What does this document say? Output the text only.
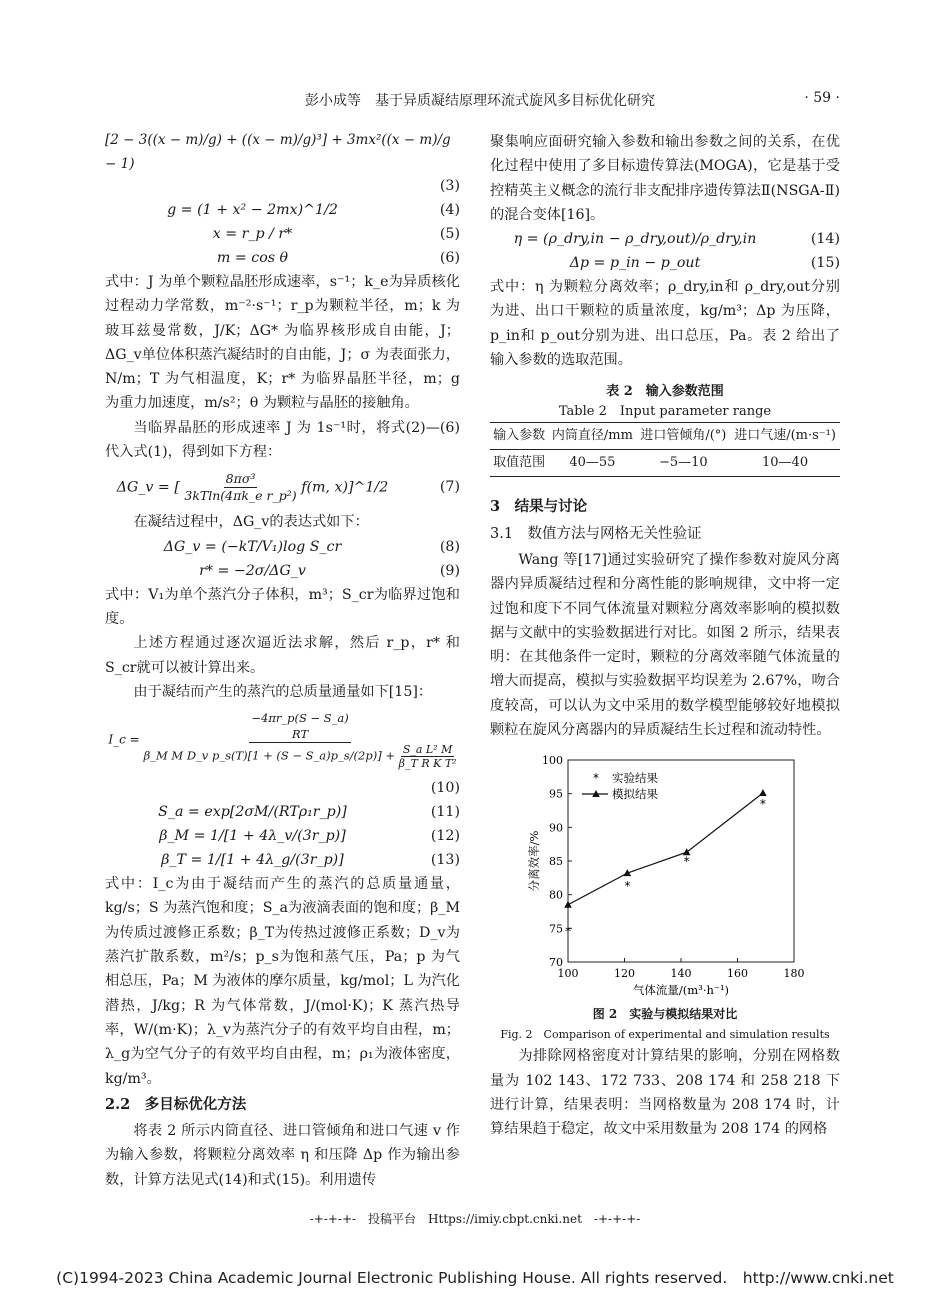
彭小成等　基于异质凝结原理环流式旋风多目标优化研究	· 59 ·
[2 − 3((x − m)/g) + ((x − m)/g)³] + 3mx²((x − m)/g − 1)
(3)
g = (1 + x² − 2mx)^1/2	(4)
x = r_p / r*	(5)
m = cos θ	(6)

式中：J 为单个颗粒晶胚形成速率，s⁻¹；k_e为异质核化过程动力学常数，m⁻²·s⁻¹；r_p为颗粒半径，m；k 为玻耳兹曼常数，J/K；ΔG* 为临界核形成自由能，J；ΔG_v单位体积蒸汽凝结时的自由能，J；σ 为表面张力，N/m；T 为气相温度，K；r* 为临界晶胚半径，m；g 为重力加速度，m/s²；θ 为颗粒与晶胚的接触角。

当临界晶胚的形成速率 J 为 1s⁻¹时，将式(2)—(6)代入式(1)，得到如下方程：

ΔG_v = [ $\frac{\text{8πσ³}}{\text{3kTln(4πk\_e r\_p²)}} f(m$, x)]^1/2	(7)

在凝结过程中，ΔG_v的表达式如下：

ΔG_v = (−kT/V₁)log S_cr	(8)
r* = −2σ/ΔG_v	(9)

式中：V₁为单个蒸汽分子体积，m³；S_cr为临界过饱和度。

上述方程通过逐次逼近法求解，然后 r_p，r* 和 S_cr就可以被计算出来。

由于凝结而产生的蒸汽的总质量通量如下[15]：

I_c =
−4πr_p(S − S_a)
RT
β_M M D_v p_s(T)[1 + (S − S_a)p_s/(2p)] + $\frac{\text{S\_a L² M}}{\text{β\_T R K T²}}$
(10)
S_a = exp[2σM/(RTρ₁r_p)]	(11)
β_M = 1/[1 + 4λ_v/(3r_p)]	(12)
β_T = 1/[1 + 4λ_g/(3r_p)]	(13)

式中：I_c为由于凝结而产生的蒸汽的总质量通量，kg/s；S 为蒸汽饱和度；S_a为液滴表面的饱和度；β_M为传质过渡修正系数；β_T为传热过渡修正系数；D_v为蒸汽扩散系数，m²/s；p_s为饱和蒸气压，Pa；p 为气相总压，Pa；M 为液体的摩尔质量，kg/mol；L 为汽化潜热，J/kg；R 为气体常数，J/(mol·K)；K 蒸汽热导率，W/(m·K)；λ_v为蒸汽分子的有效平均自由程，m；λ_g为空气分子的有效平均自由程，m；ρ₁为液体密度，kg/m³。

2.2　多目标优化方法

将表 2 所示内筒直径、进口管倾角和进口气速 v 作为输入参数，将颗粒分离效率 η 和压降 Δp 作为输出参数，计算方法见式(14)和式(15)。利用遗传

聚集响应面研究输入参数和输出参数之间的关系，在优化过程中使用了多目标遗传算法(MOGA)，它是基于受控精英主义概念的流行非支配排序遗传算法Ⅱ(NSGA-Ⅱ)的混合变体[16]。

η = (ρ_dry,in − ρ_dry,out)/ρ_dry,in	(14)
Δp = p_in − p_out	(15)

式中：η 为颗粒分离效率；ρ_dry,in和 ρ_dry,out分别为进、出口干颗粒的质量浓度，kg/m³；Δp 为压降，p_in和 p_out分别为进、出口总压，Pa。表 2 给出了输入参数的选取范围。

表 2　输入参数范围
Table 2　Input parameter range
输入参数	内筒直径/mm	进口管倾角/(°)	进口气速/(m·s⁻¹)
取值范围	40—55	−5—10	10—40
3　结果与讨论
3.1　数值方法与网格无关性验证

Wang 等[17]通过实验研究了操作参数对旋风分离器内异质凝结过程和分离性能的影响规律，文中将一定过饱和度下不同气体流量对颗粒分离效率影响的模拟数据与文献中的实验数据进行对比。如图 2 所示，结果表明：在其他条件一定时，颗粒的分离效率随气体流量的增大而提高，模拟与实验数据平均误差为 2.67%，吻合度较高，可以认为文中采用的数学模型能够较好地模拟颗粒在旋风分离器内的异质凝结生长过程和流动特性。

100	120	140	160	180
70
75
80
85
90
95
100
气体流量/(m³·h⁻¹)
分离效率/%
*
*
*
*
* 实验结果
模拟结果
图 2　实验与模拟结果对比
Fig. 2　Comparison of experimental and simulation results

为排除网格密度对计算结果的影响，分别在网格数量为 102 143、172 733、208 174 和 258 218 下进行计算，结果表明：当网格数量为 208 174 时，计算结果趋于稳定，故文中采用数量为 208 174 的网格

-+-+-+-　投稿平台　Https://imiy.cbpt.cnki.net　-+-+-+-
(C)1994-2023 China Academic Journal Electronic Publishing House. All rights reserved.　http://www.cnki.net
